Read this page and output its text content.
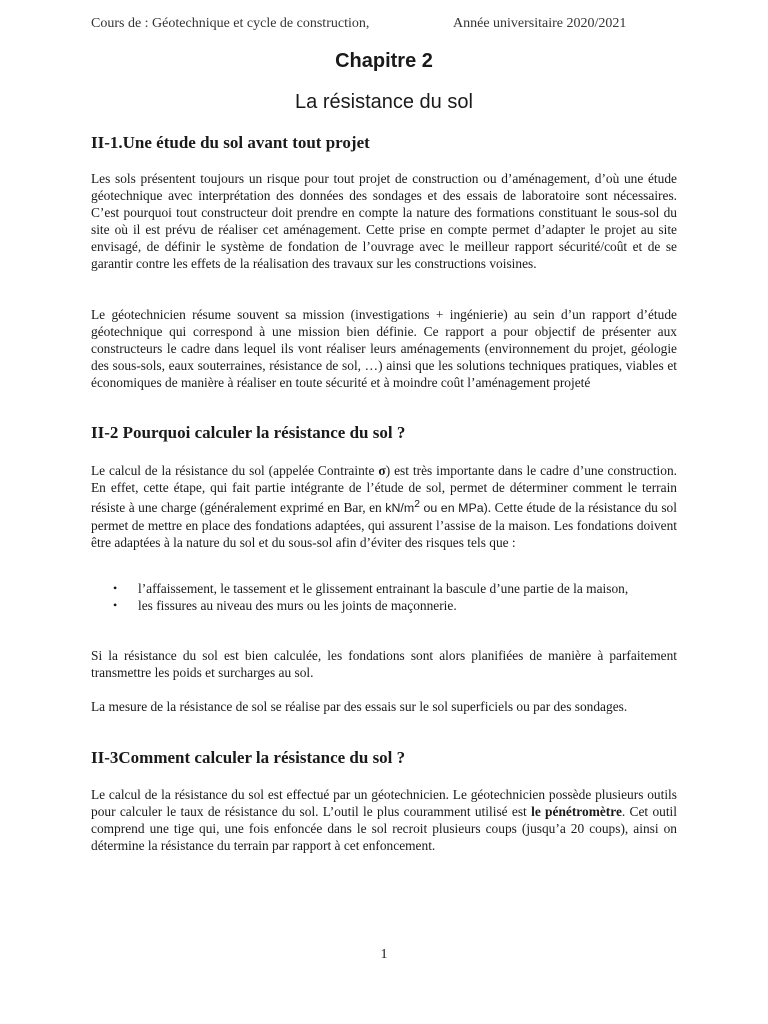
Cours de : Géotechnique et cycle de construction,	Année universitaire 2020/2021
Chapitre 2
La résistance du sol
II-1.Une étude du sol avant tout projet

Les sols présentent toujours un risque pour tout projet de construction ou d’aménagement, d’où une étude géotechnique avec interprétation des données des sondages et des essais de laboratoire sont nécessaires. C’est pourquoi tout constructeur doit prendre en compte la nature des formations constituant le sous-sol du site où il est prévu de réaliser cet aménagement. Cette prise en compte permet d’adapter le projet au site envisagé, de définir le système de fondation de l’ouvrage avec le meilleur rapport sécurité/coût et de se garantir contre les effets de la réalisation des travaux sur les constructions voisines.

Le géotechnicien résume souvent sa mission (investigations + ingénierie) au sein d’un rapport d’étude géotechnique qui correspond à une mission bien définie. Ce rapport a pour objectif de présenter aux constructeurs le cadre dans lequel ils vont réaliser leurs aménagements (environnement du projet, géologie des sous-sols, eaux souterraines, résistance de sol, …) ainsi que les solutions techniques pratiques, viables et économiques de manière à réaliser en toute sécurité et à moindre coût l’aménagement projeté

II-2 Pourquoi calculer la résistance du sol ?

Le calcul de la résistance du sol (appelée Contrainte σ) est très importante dans le cadre d’une construction. En effet, cette étape, qui fait partie intégrante de l’étude de sol, permet de déterminer comment le terrain résiste à une charge (généralement exprimé en Bar, en $kN/m^2$ ou en MPa). Cette étude de la résistance du sol permet de mettre en place des fondations adaptées, qui assurent l’assise de la maison. Les fondations doivent être adaptées à la nature du sol et du sous-sol afin d’éviter des risques tels que :

• l’affaissement, le tassement et le glissement entrainant la bascule d’une partie de la maison,
• les fissures au niveau des murs ou les joints de maçonnerie.

Si la résistance du sol est bien calculée, les fondations sont alors planifiées de manière à parfaitement transmettre les poids et surcharges au sol.

La mesure de la résistance de sol se réalise par des essais sur le sol superficiels ou par des sondages.

II-3Comment calculer la résistance du sol ?

Le calcul de la résistance du sol est effectué par un géotechnicien. Le géotechnicien possède plusieurs outils pour calculer le taux de résistance du sol. L’outil le plus couramment utilisé est le pénétromètre. Cet outil comprend une tige qui, une fois enfoncée dans le sol recroit plusieurs coups (jusqu’a 20 coups), ainsi on détermine la résistance du terrain par rapport à cet enfoncement.

1
